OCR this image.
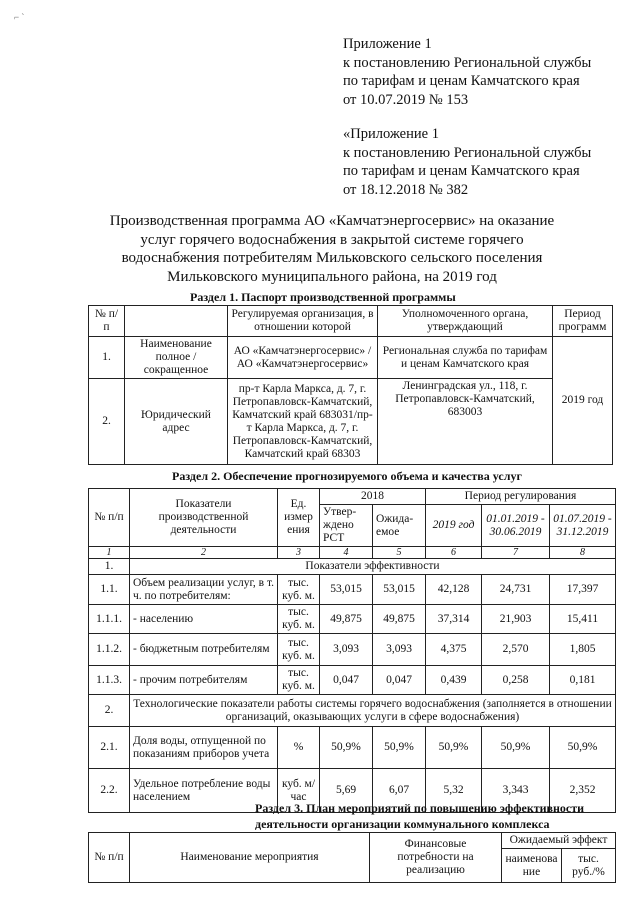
⌐ `
Приложение 1
к постановлению Региональной службы
по тарифам и ценам Камчатского края
от 10.07.2019 № 153
«Приложение 1
к постановлению Региональной службы
по тарифам и ценам Камчатского края
от 18.12.2018 № 382
Производственная программа АО «Камчатэнергосервис» на оказание услуг горячего водоснабжения в закрытой системе горячего водоснабжения потребителям Мильковского сельского поселения Мильковского муниципального района, на 2019 год
Раздел 1. Паспорт производственной программы
№ п/п		Регулируемая организация, в отношении которой	Уполномоченного органа, утверждающий	Период программ
1.	Наименование полное / сокращенное	АО «Камчатэнергосервис» / АО «Камчатэнергосервис»	Региональная служба по тарифам и ценам Камчатского края	2019 год
2.	Юридический адрес	пр-т Карла Маркса, д. 7, г. Петропавловск-Камчатский, Камчатский край 683031/пр-т Карла Маркса, д. 7, г. Петропавловск-Камчатский, Камчатский край 68303	Ленинградская ул., 118, г. Петропавловск-Камчатский, 683003	
Раздел 2. Обеспечение прогнозируемого объема и качества услуг
№ п/п	Показатели производственной деятельности	Ед. измер ения	2018		Период регулирования		
			Утвер-ждено РСТ	Ожида-емое	2019 год	01.01.2019 - 30.06.2019	01.07.2019 - 31.12.2019
1	2	3	4	5	6	7	8
1.	Показатели эффективности						
1.1.	Объем реализации услуг, в т. ч. по потребителям:	тыс. куб. м.	53,015	53,015	42,128	24,731	17,397
1.1.1.	- населению	тыс. куб. м.	49,875	49,875	37,314	21,903	15,411
1.1.2.	- бюджетным потребителям	тыс. куб. м.	3,093	3,093	4,375	2,570	1,805
1.1.3.	- прочим потребителям	тыс. куб. м.	0,047	0,047	0,439	0,258	0,181
2.	Технологические показатели работы системы горячего водоснабжения (заполняется в отношении организаций, оказывающих услуги в сфере водоснабжения)						
2.1.	Доля воды, отпущенной по показаниям приборов учета	%	50,9%	50,9%	50,9%	50,9%	50,9%
2.2.	Удельное потребление воды населением	куб. м/час	5,69	6,07	5,32	3,343	2,352
Раздел 3. План мероприятий по повышению эффективности деятельности организации коммунального комплекса
№ п/п	Наименование мероприятия	Финансовые потребности на реализацию	Ожидаемый эффект	
			наименова ние	тыс. руб./%
